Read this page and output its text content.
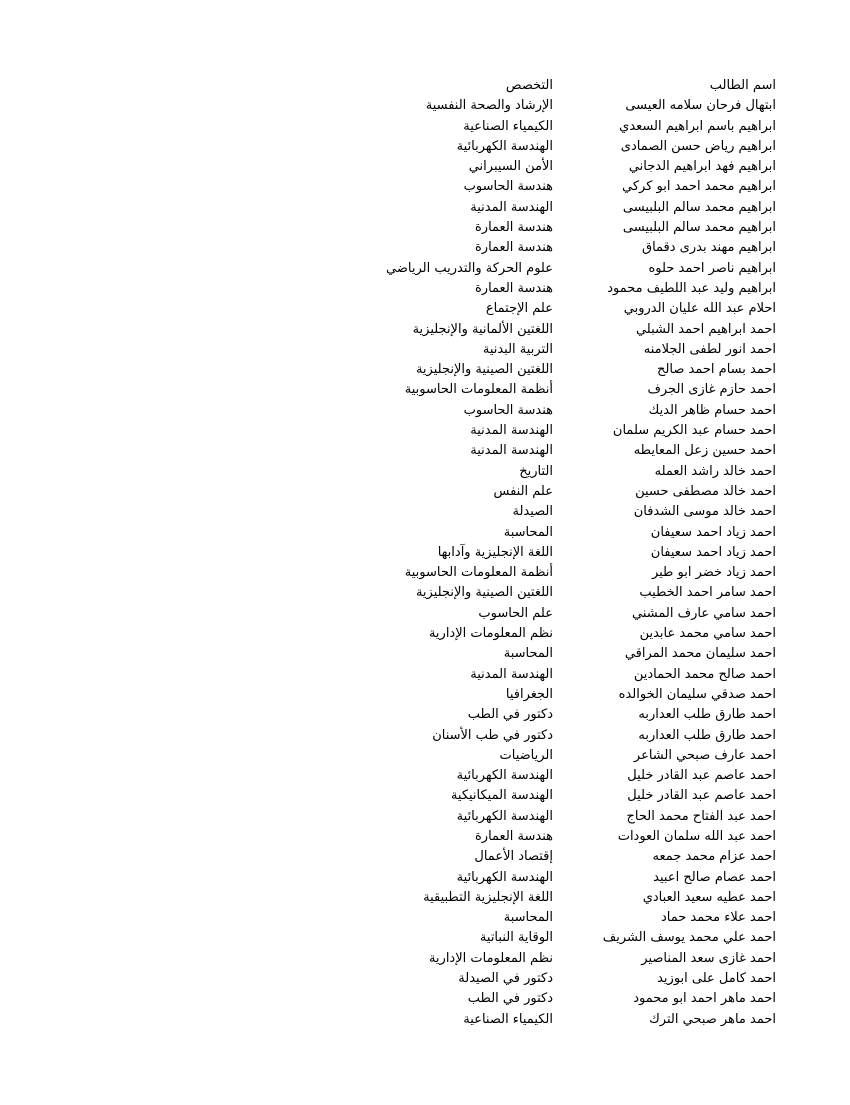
اسم الطالب
التخصص
ابتهال فرحان سلامه العيسى
الإرشاد والصحة النفسية
ابراهيم باسم ابراهيم السعدي
الكيمياء الصناعية
ابراهيم رياض حسن الصمادى
الهندسة الكهربائية
ابراهيم فهد ابراهيم الدجاني
الأمن السيبراني
ابراهيم محمد احمد ابو كركي
هندسة الحاسوب
ابراهيم محمد سالم البلبيسى
الهندسة المدنية
ابراهيم محمد سالم البلبيسى
هندسة العمارة
ابراهيم مهند بدرى دقماق
هندسة العمارة
ابراهيم ناصر احمد حلوه
علوم الحركة والتدريب الرياضي
ابراهيم وليد عبد اللطيف محمود
هندسة العمارة
احلام عبد الله عليان الدروبي
علم الإجتماع
احمد ابراهيم احمد الشبلي
اللغتين الألمانية والإنجليزية
احمد انور لطفى الجلامنه
التربية البدنية
احمد بسام احمد صالح
اللغتين الصينية والإنجليزية
احمد حازم غازى الجرف
أنظمة المعلومات الحاسوبية
احمد حسام ظاهر الديك
هندسة الحاسوب
احمد حسام عبد الكريم سلمان
الهندسة المدنية
احمد حسين زعل المعايطه
الهندسة المدنية
احمد خالد راشد العمله
التاريخ
احمد خالد مصطفى حسين
علم النفس
احمد خالد موسى الشدفان
الصيدلة
احمد زياد احمد سعيفان
المحاسبة
احمد زياد احمد سعيفان
اللغة الإنجليزية وآدابها
احمد زياد خضر ابو طير
أنظمة المعلومات الحاسوبية
احمد سامر احمد الخطيب
اللغتين الصينية والإنجليزية
احمد سامي عارف المشني
علم الحاسوب
احمد سامي محمد عابدين
نظم المعلومات الإدارية
احمد سليمان محمد المراقي
المحاسبة
احمد صالح محمد الحمادين
الهندسة المدنية
احمد صدقي سليمان الخوالده
الجغرافيا
احمد طارق طلب العداربه
دكتور في الطب
احمد طارق طلب العداربه
دكتور في طب الأسنان
احمد عارف صبحي الشاعر
الرياضيات
احمد عاصم عبد القادر خليل
الهندسة الكهربائية
احمد عاصم عبد القادر خليل
الهندسة الميكانيكية
احمد عبد الفتاح محمد الحاج
الهندسة الكهربائية
احمد عبد الله سلمان العودات
هندسة العمارة
احمد عزام محمد جمعه
إقتصاد الأعمال
احمد عصام صالح اعبيد
الهندسة الكهربائية
احمد عطيه سعيد العبادي
اللغة الإنجليزية التطبيقية
احمد علاء محمد حماد
المحاسبة
احمد علي محمد يوسف الشريف
الوقاية النباتية
احمد غازى سعد المناصير
نظم المعلومات الإدارية
احمد كامل على ابوزيد
دكتور في الصيدلة
احمد ماهر احمد ابو محمود
دكتور في الطب
احمد ماهر صبحي الترك
الكيمياء الصناعية
